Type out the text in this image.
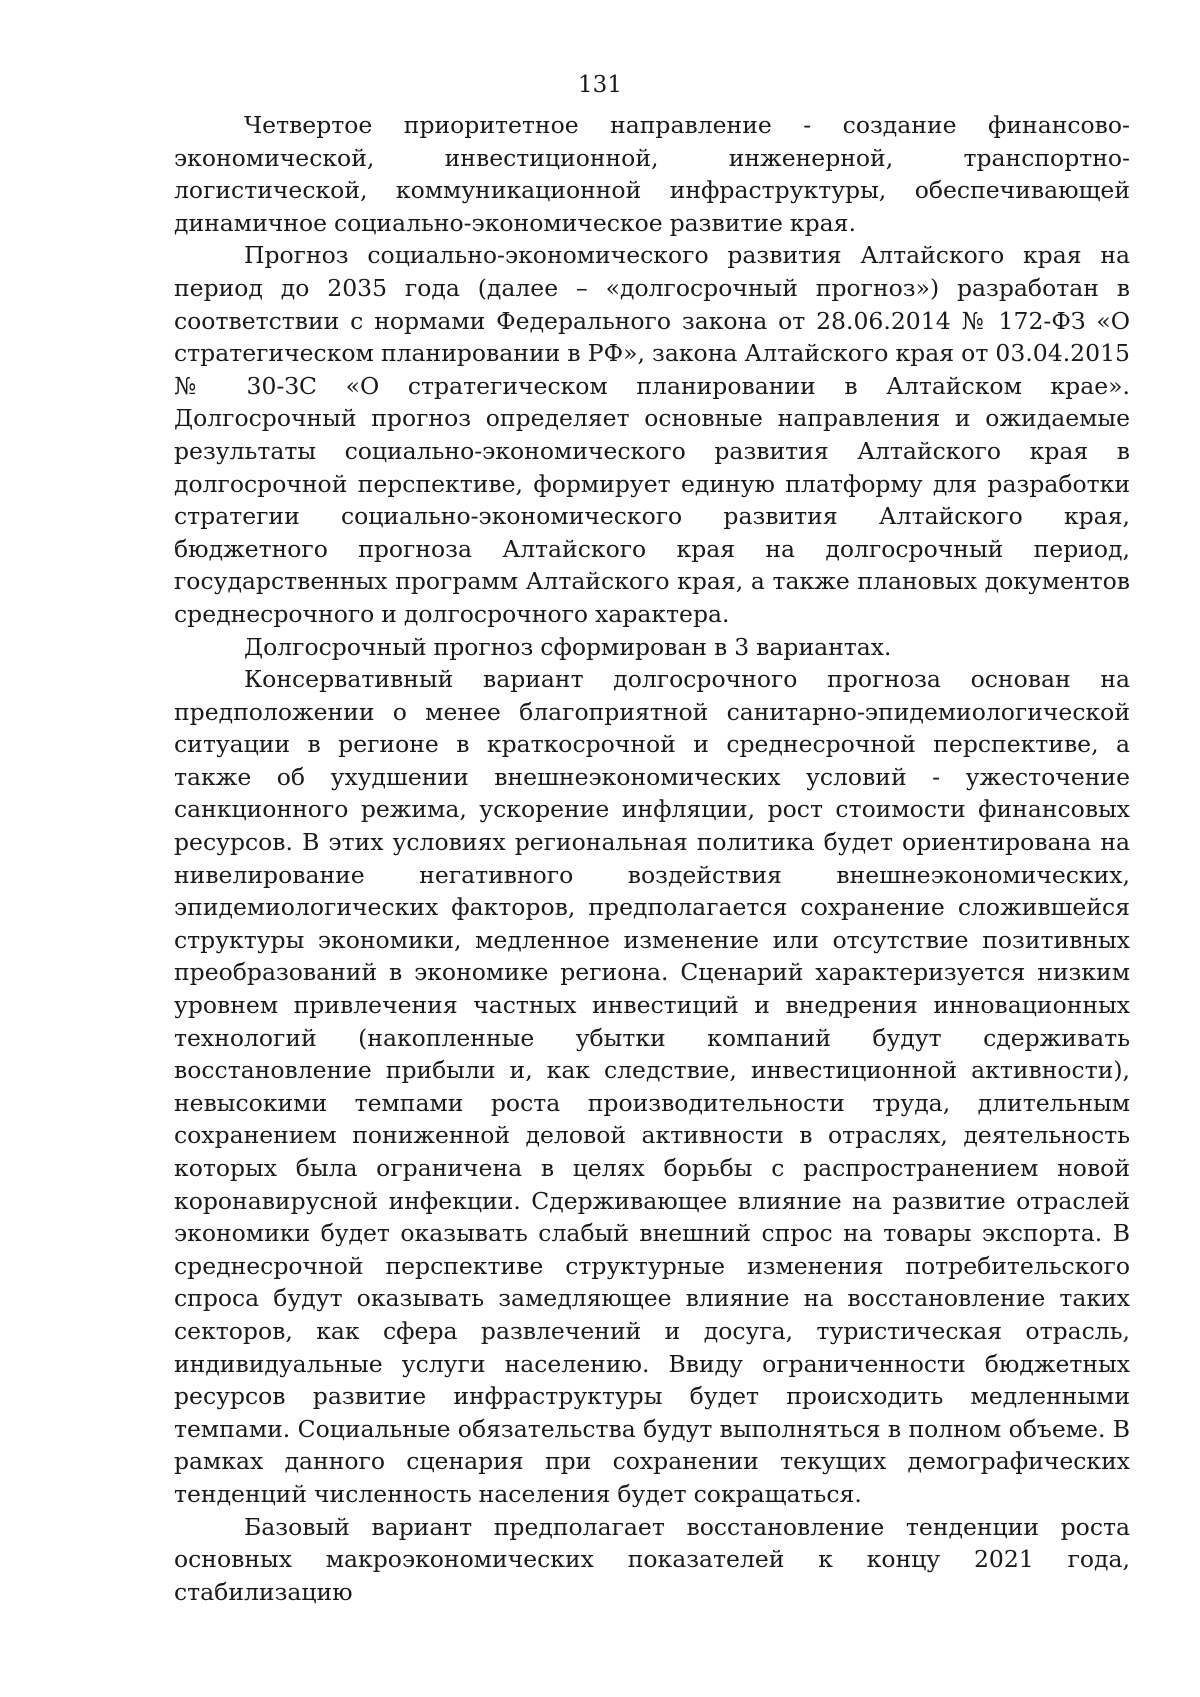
131

Четвертое приоритетное направление - создание финансово-экономической, инвестиционной, инженерной, транспортно-логистической, коммуникационной инфраструктуры, обеспечивающей динамичное социально-экономическое развитие края.

Прогноз социально-экономического развития Алтайского края на период до 2035 года (далее – «долгосрочный прогноз») разработан в соответствии с нормами Федерального закона от 28.06.2014 № 172-ФЗ «О стратегическом планировании в РФ», закона Алтайского края от 03.04.2015 № 30-ЗС «О стратегическом планировании в Алтайском крае». Долгосрочный прогноз определяет основные направления и ожидаемые результаты социально-экономического развития Алтайского края в долгосрочной перспективе, формирует единую платформу для разработки стратегии социально-экономического развития Алтайского края, бюджетного прогноза Алтайского края на долгосрочный период, государственных программ Алтайского края, а также плановых документов среднесрочного и долгосрочного характера.

Долгосрочный прогноз сформирован в 3 вариантах.

Консервативный вариант долгосрочного прогноза основан на предположении о менее благоприятной санитарно-эпидемиологической ситуации в регионе в краткосрочной и среднесрочной перспективе, а также об ухудшении внешнеэкономических условий - ужесточение санкционного режима, ускорение инфляции, рост стоимости финансовых ресурсов. В этих условиях региональная политика будет ориентирована на нивелирование негативного воздействия внешнеэкономических, эпидемиологических факторов, предполагается сохранение сложившейся структуры экономики, медленное изменение или отсутствие позитивных преобразований в экономике региона. Сценарий характеризуется низким уровнем привлечения частных инвестиций и внедрения инновационных технологий (накопленные убытки компаний будут сдерживать восстановление прибыли и, как следствие, инвестиционной активности), невысокими темпами роста производительности труда, длительным сохранением пониженной деловой активности в отраслях, деятельность которых была ограничена в целях борьбы с распространением новой коронавирусной инфекции. Сдерживающее влияние на развитие отраслей экономики будет оказывать слабый внешний спрос на товары экспорта. В среднесрочной перспективе структурные изменения потребительского спроса будут оказывать замедляющее влияние на восстановление таких секторов, как сфера развлечений и досуга, туристическая отрасль, индивидуальные услуги населению. Ввиду ограниченности бюджетных ресурсов развитие инфраструктуры будет происходить медленными темпами. Социальные обязательства будут выполняться в полном объеме. В рамках данного сценария при сохранении текущих демографических тенденций численность населения будет сокращаться.

Базовый вариант предполагает восстановление тенденции роста основных макроэкономических показателей к концу 2021 года, стабилизацию
